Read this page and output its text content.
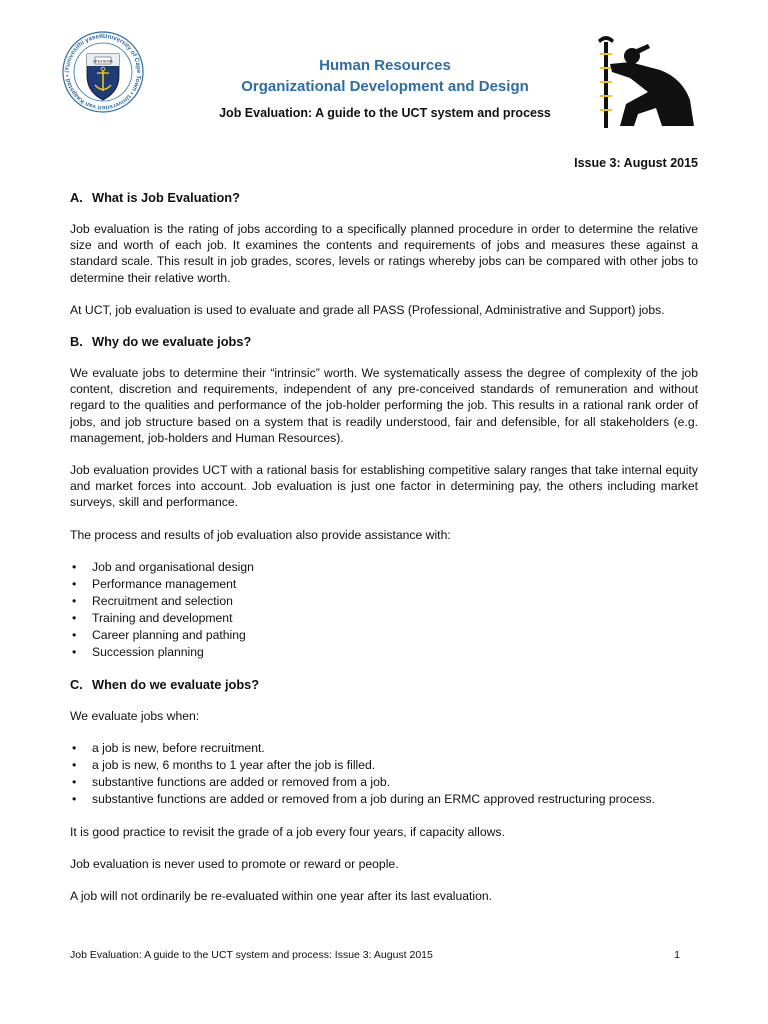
University of Cape Town • Universiteit van Kaapstad • iYunivesithi yaseK
SPES BONA	Human Resources
Organizational Development and Design
Job Evaluation: A guide to the UCT system and process
Issue 3: August 2015
A. What is Job Evaluation?

Job evaluation is the rating of jobs according to a specifically planned procedure in order to determine the relative size and worth of each job. It examines the contents and requirements of jobs and measures these against a standard scale. This result in job grades, scores, levels or ratings whereby jobs can be compared with other jobs to determine their relative worth.

At UCT, job evaluation is used to evaluate and grade all PASS (Professional, Administrative and Support) jobs.

B. Why do we evaluate jobs?

We evaluate jobs to determine their “intrinsic” worth. We systematically assess the degree of complexity of the job content, discretion and requirements, independent of any pre-conceived standards of remuneration and without regard to the qualities and performance of the job-holder performing the job. This results in a rational rank order of jobs, and job structure based on a system that is readily understood, fair and defensible, for all stakeholders (e.g. management, job-holders and Human Resources).

Job evaluation provides UCT with a rational basis for establishing competitive salary ranges that take internal equity and market forces into account. Job evaluation is just one factor in determining pay, the others including market surveys, skill and performance.

The process and results of job evaluation also provide assistance with:

• Job and organisational design
• Performance management
• Recruitment and selection
• Training and development
• Career planning and pathing
• Succession planning
C. When do we evaluate jobs?

We evaluate jobs when:

• a job is new, before recruitment.
• a job is new, 6 months to 1 year after the job is filled.
• substantive functions are added or removed from a job.
• substantive functions are added or removed from a job during an ERMC approved restructuring process.

It is good practice to revisit the grade of a job every four years, if capacity allows.

Job evaluation is never used to promote or reward or people.

A job will not ordinarily be re-evaluated within one year after its last evaluation.

Job Evaluation: A guide to the UCT system and process: Issue 3: August 2015	1
